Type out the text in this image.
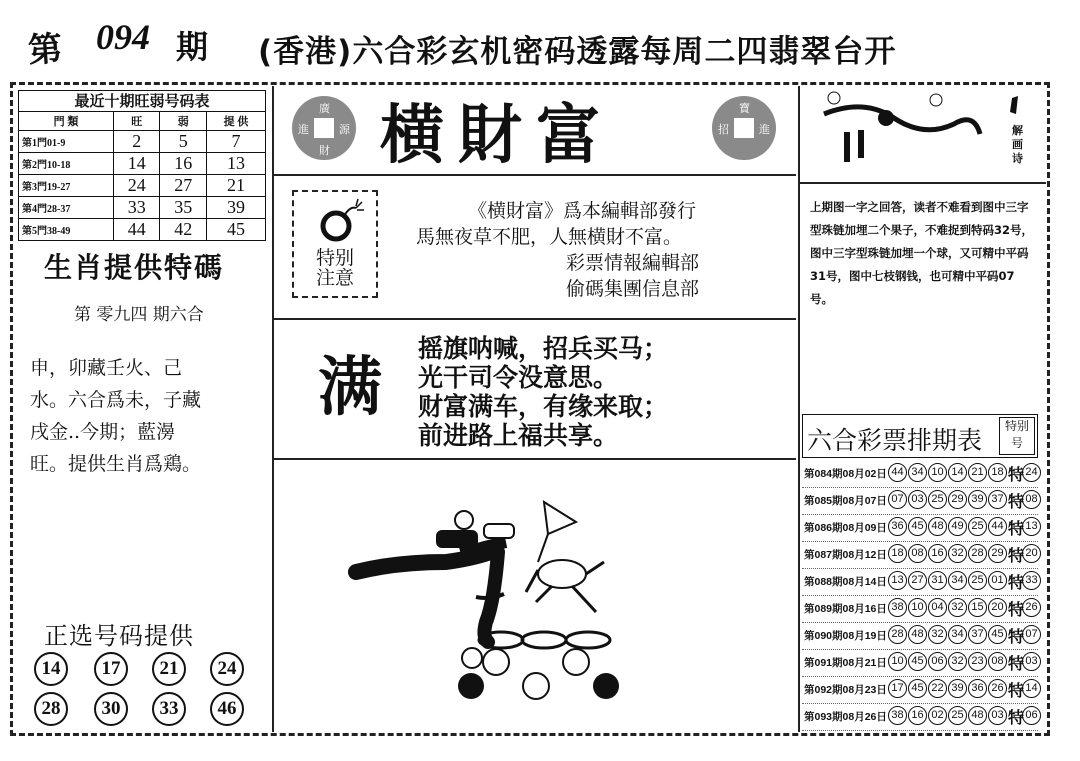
第 094 期 (香港)六合彩玄机密码透露每周二四翡翠台开
最近十期旺弱号码表
門 類	旺	弱	提 供
第1門01-9	2	5	7
第2門10-18	14	16	13
第3門19-27	24	27	21
第4門28-37	33	35	39
第5門38-49	44	42	45
生肖提供特碼
第 零九四 期六合
申，卯藏壬火、己
水。六合爲未，子藏
戌金..今期；藍澷
旺。提供生肖爲鶏。
正选号码提供
14	17	21	24
28	30	33	46
廣
進	源
財 横財富	寶
招	進
特别
注意
《横財富》爲本編輯部發行
馬無夜草不肥，人無横財不富。
彩票情報編輯部
偷碼集團信息部
满
摇旗呐喊，招兵买马；
光干司令没意思。
财富满车，有缘来取；
前进路上福共享。
解画诗
上期图一字之回答，读者不难看到图中三字型珠链加埋二个果子，不难捉到特码32号，图中三字型珠链加埋一个球，又可精中平码31号，图中七枝钢钱，也可精中平码07号。
六合彩票排期表	特别号
第084期08月02日 44 34 10 14 21 18 特 24
第085期08月07日 07 03 25 29 39 37 特 08
第086期08月09日 36 45 48 49 25 44 特 13
第087期08月12日 18 08 16 32 28 29 特 20
第088期08月14日 13 27 31 34 25 01 特 33
第089期08月16日 38 10 04 32 15 20 特 26
第090期08月19日 28 48 32 34 37 45 特 07
第091期08月21日 10 45 06 32 23 08 特 03
第092期08月23日 17 45 22 39 36 26 特 14
第093期08月26日 38 16 02 25 48 03 特 06
